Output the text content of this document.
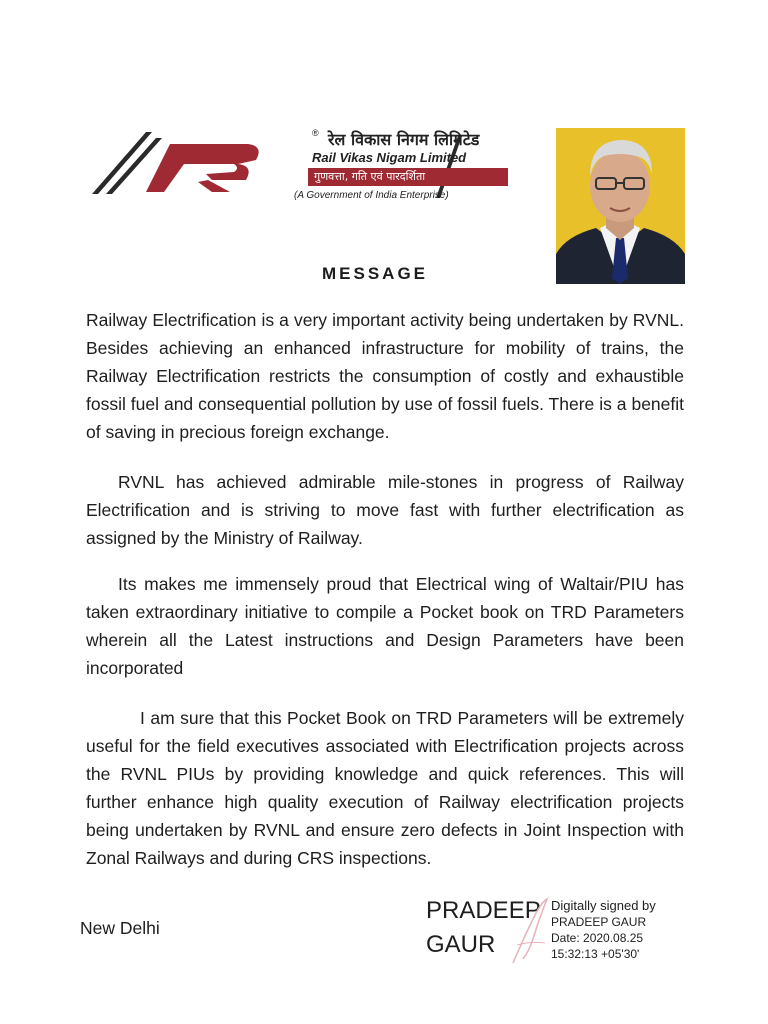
® रेल विकास निगम लिमिटेड
Rail Vikas Nigam Limited
गुणवत्ता, गति एवं पारदर्शिता
(A Government of India Enterprise)
MESSAGE

Railway Electrification is a very important activity being undertaken by RVNL. Besides achieving an enhanced infrastructure for mobility of trains, the Railway Electrification restricts the consumption of costly and exhaustible fossil fuel and consequential pollution by use of fossil fuels. There is a benefit of saving in precious foreign exchange.

RVNL has achieved admirable mile-stones in progress of Railway Electrification and is striving to move fast with further electrification as assigned by the Ministry of Railway.

Its makes me immensely proud that Electrical wing of Waltair/PIU has taken extraordinary initiative to compile a Pocket book on TRD Parameters wherein all the Latest instructions and Design Parameters have been incorporated

I am sure that this Pocket Book on TRD Parameters will be extremely useful for the field executives associated with Electrification projects across the RVNL PIUs by providing knowledge and quick references. This will further enhance high quality execution of Railway electrification projects being undertaken by RVNL and ensure zero defects in Joint Inspection with Zonal Railways and during CRS inspections.

New Delhi
PRADEEP
GAUR
Digitally signed by
PRADEEP GAUR
Date: 2020.08.25
15:32:13 +05'30'
